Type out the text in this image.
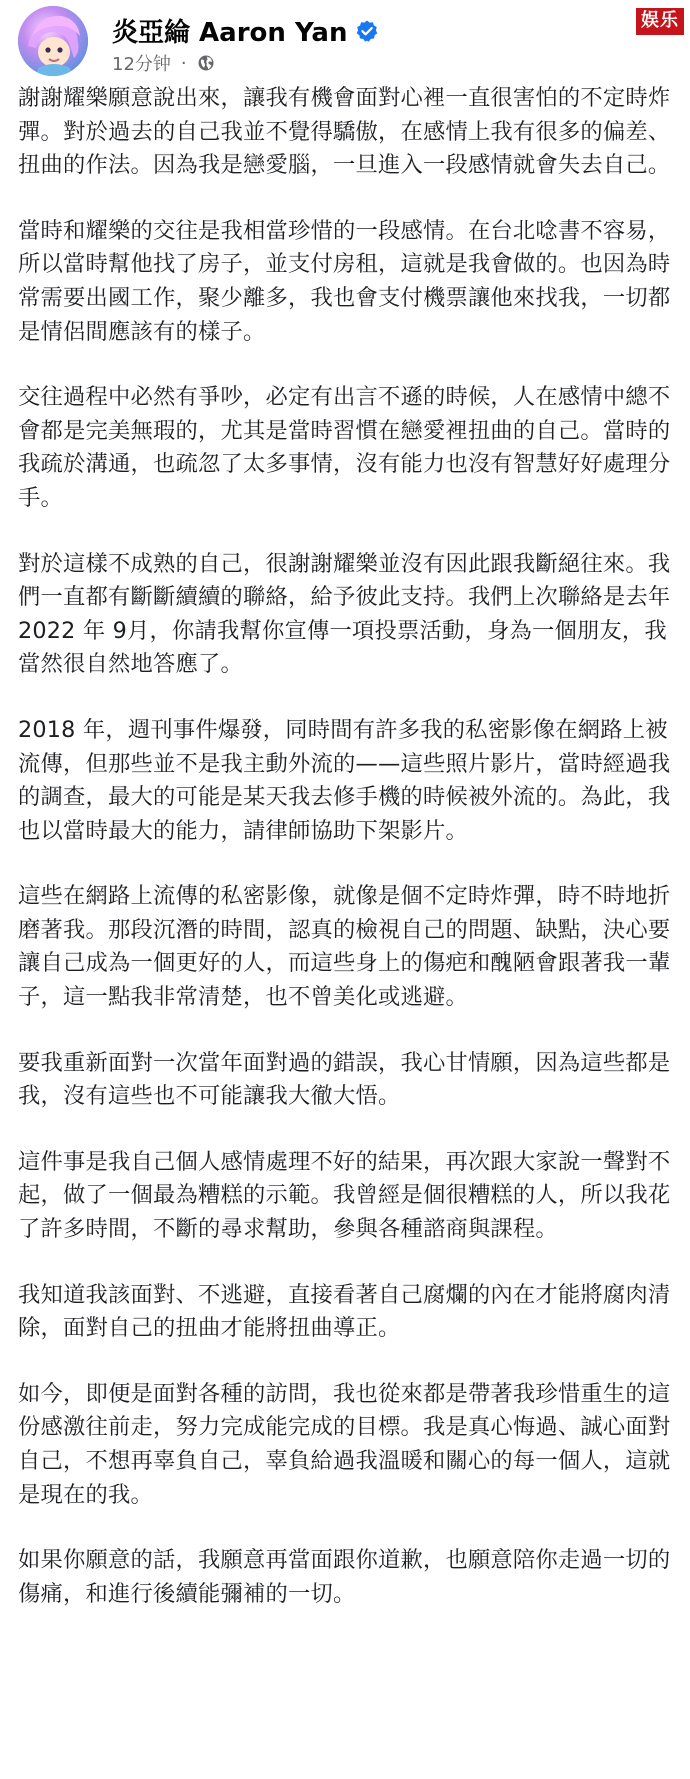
娱乐
炎亞綸 Aaron Yan
12分钟 ·

謝謝耀樂願意說出來，讓我有機會面對心裡一直很害怕的不定時炸彈。對於過去的自己我並不覺得驕傲，在感情上我有很多的偏差、扭曲的作法。因為我是戀愛腦，一旦進入一段感情就會失去自己。

當時和耀樂的交往是我相當珍惜的一段感情。在台北唸書不容易，所以當時幫他找了房子，並支付房租，這就是我會做的。也因為時常需要出國工作，聚少離多，我也會支付機票讓他來找我，一切都是情侶間應該有的樣子。

交往過程中必然有爭吵，必定有出言不遜的時候，人在感情中總不會都是完美無瑕的，尤其是當時習慣在戀愛裡扭曲的自己。當時的我疏於溝通，也疏忽了太多事情，沒有能力也沒有智慧好好處理分手。

對於這樣不成熟的自己，很謝謝耀樂並沒有因此跟我斷絕往來。我們一直都有斷斷續續的聯絡，給予彼此支持。我們上次聯絡是去年 2022 年 9月，你請我幫你宣傳一項投票活動，身為一個朋友，我當然很自然地答應了。

2018 年，週刊事件爆發，同時間有許多我的私密影像在網路上被流傳，但那些並不是我主動外流的——這些照片影片，當時經過我的調查，最大的可能是某天我去修手機的時候被外流的。為此，我也以當時最大的能力，請律師協助下架影片。

這些在網路上流傳的私密影像，就像是個不定時炸彈，時不時地折磨著我。那段沉潛的時間，認真的檢視自己的問題、缺點，決心要讓自己成為一個更好的人，而這些身上的傷疤和醜陋會跟著我一輩子，這一點我非常清楚，也不曾美化或逃避。

要我重新面對一次當年面對過的錯誤，我心甘情願，因為這些都是我，沒有這些也不可能讓我大徹大悟。

這件事是我自己個人感情處理不好的結果，再次跟大家說一聲對不起，做了一個最為糟糕的示範。我曾經是個很糟糕的人，所以我花了許多時間，不斷的尋求幫助，參與各種諮商與課程。

我知道我該面對、不逃避，直接看著自己腐爛的內在才能將腐肉清除，面對自己的扭曲才能將扭曲導正。

如今，即便是面對各種的訪問，我也從來都是帶著我珍惜重生的這份感激往前走，努力完成能完成的目標。我是真心悔過、誠心面對自己，不想再辜負自己，辜負給過我溫暖和關心的每一個人，這就是現在的我。

如果你願意的話，我願意再當面跟你道歉，也願意陪你走過一切的傷痛，和進行後續能彌補的一切。
